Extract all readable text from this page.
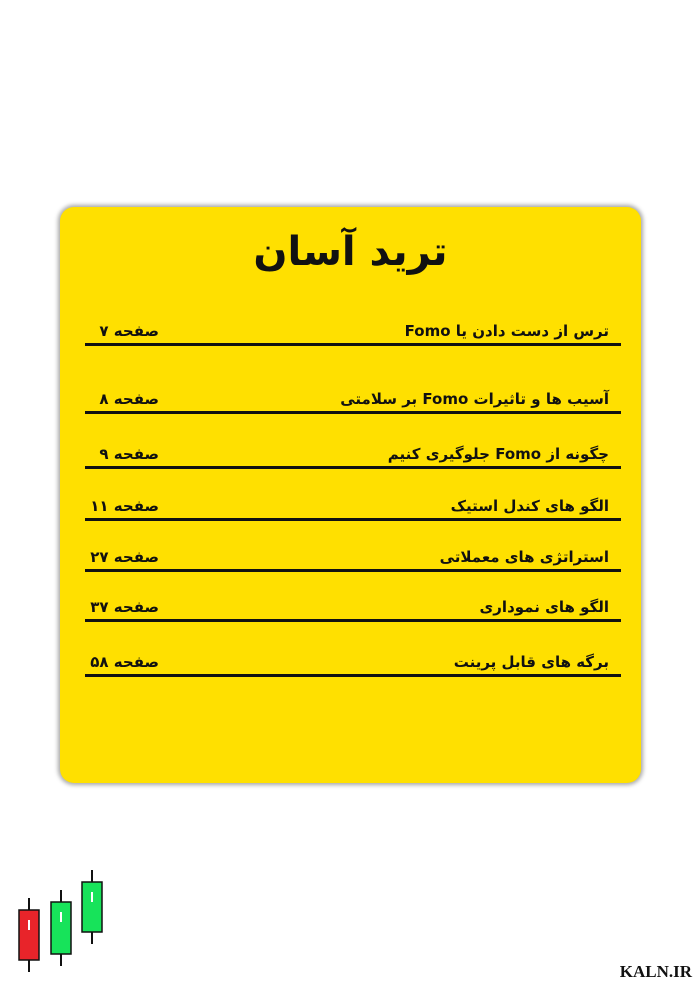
ترید آسان
ترس از دست دادن یا Fomo
صفحه ۷
آسیب ها و تاثیرات Fomo بر سلامتی
صفحه ۸
چگونه از Fomo جلوگیری کنیم
صفحه ۹
الگو های کندل استیک
صفحه ۱۱
استراتژی های معملاتی
صفحه ۲۷
الگو های نموداری
صفحه ۳۷
برگه های قابل پرینت
صفحه ۵۸
KALN.IR
